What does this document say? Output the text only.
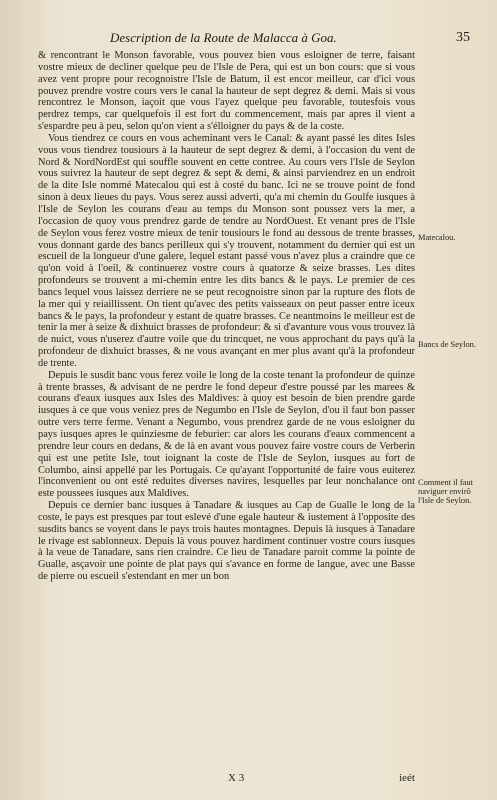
Description de la Route de Malacca à Goa.	35

& rencontrant le Monson favorable, vous pouvez bien vous esloigner de terre, faisant vostre mieux de decliner quelque peu de l'Isle de Pera, qui est un bon cours: que si vous avez vent propre pour recognoistre l'Isle de Batum, il est encor meilleur, car d'ici vous pouvez prendre vostre cours vers le canal la hauteur de sept degrez & demi. Mais si vous rencontrez le Monson, iaçoit que vous l'ayez quelque peu favorable, toutesfois vous perdrez temps, car quelquefois il est fort du commencement, mais par apres il vient a s'espardre peu à peu, selon qu'on vient a s'élloigner du pays & de la coste.

Vous tiendrez ce cours en vous acheminant vers le Canal: & ayant passé les dites Isles vous vous tiendrez tousiours à la hauteur de sept degrez & demi, à l'occasion du vent de Nord & NordNordEst qui souffle souvent en cette contree. Au cours vers l'Isle de Seylon vous suivrez la hauteur de sept degrez & sept & demi, & ainsi parviendrez en un endroit de la dite Isle nommé Matecalou qui est à costé du banc. Ici ne se trouve point de fond sinon à deux lieues du pays. Vous serez aussi adverti, qu'a mi chemin du Goulfe iusques à l'Isle de Seylon les courans d'eau au temps du Monson sont poussez vers la mer, a l'occasion de quoy vous prendrez garde de tendre au NordOuest. Et venant pres de l'Isle de Seylon vous ferez vostre mieux de tenir tousiours le fond au dessous de trente brasses, vous donnant garde des bancs perilleux qui s'y trouvent, notamment du dernier qui est un escueil de la longueur d'une galere, lequel estant passé vous n'avez plus a craindre que ce qu'on void à l'oeil, & continuerez vostre cours à quatorze & seize brasses. Les dites profondeurs se trouvent a mi-chemin entre les dits bancs & le pays. Le premier de ces bancs lequel vous laissez derriere ne se peut recognoistre sinon par la rupture des flots de la mer qui y reiaillissent. On tient qu'avec des petits vaisseaux on peut passer entre iceux bancs & le pays, la profondeur y estant de quatre brasses. Ce neantmoins le meilleur est de tenir la mer à seize & dixhuict brasses de profondeur: & si d'avanture vous vous trouvez là de nuict, vous n'userez d'autre voile que du trincquet, ne vous approchant du pays qu'à la profondeur de dixhuict brasses, & ne vous avançant en mer plus avant qu'à la profondeur de trente.

Depuis le susdit banc vous ferez voile le long de la coste tenant la profondeur de quinze à trente brasses, & advisant de ne perdre le fond depeur d'estre poussé par les marees & courans d'eaux iusques aux Isles des Maldives: à quoy est besoin de bien prendre garde iusques à ce que vous veniez pres de Negumbo en l'Isle de Seylon, d'ou il faut bon passer outre vers terre ferme. Venant a Negumbo, vous prendrez garde de ne vous esloigner du pays iusques apres le quinziesme de feburier: car alors les courans d'eaux commencent a prendre leur cours en dedans, & de là en avant vous pouvez faire vostre cours de Verberin qui est une petite Isle, tout ioignant la coste de l'Isle de Seylon, iusques au fort de Columbo, ainsi appellé par les Portugais. Ce qu'ayant l'opportunité de faire vous euiterez l'inconvenient ou ont esté reduites diverses navires, lesquelles par leur nonchalance ont este poussees iusques aux Maldives.

Depuis ce dernier banc iusques à Tanadare & iusques au Cap de Gualle le long de la coste, le pays est presques par tout eslevé d'une egale hauteur & iustement à l'opposite des susdits bancs se voyent dans le pays trois hautes montagnes. Depuis là iusques à Tanadare le rivage est sablonneux. Depuis là vous pouvez hardiment continuer vostre cours iusques à la veue de Tanadare, sans rien craindre. Ce lieu de Tanadare paroit comme la pointe de Gualle, asçavoir une pointe de plat pays qui s'avance en forme de langue, avec une Basse de pierre ou escueil s'estendant en mer un bon

Matecalou.
Bancs de Seylon.
Comment il faut naviguer envirõ l'Isle de Seylon.
X 3	ieét
